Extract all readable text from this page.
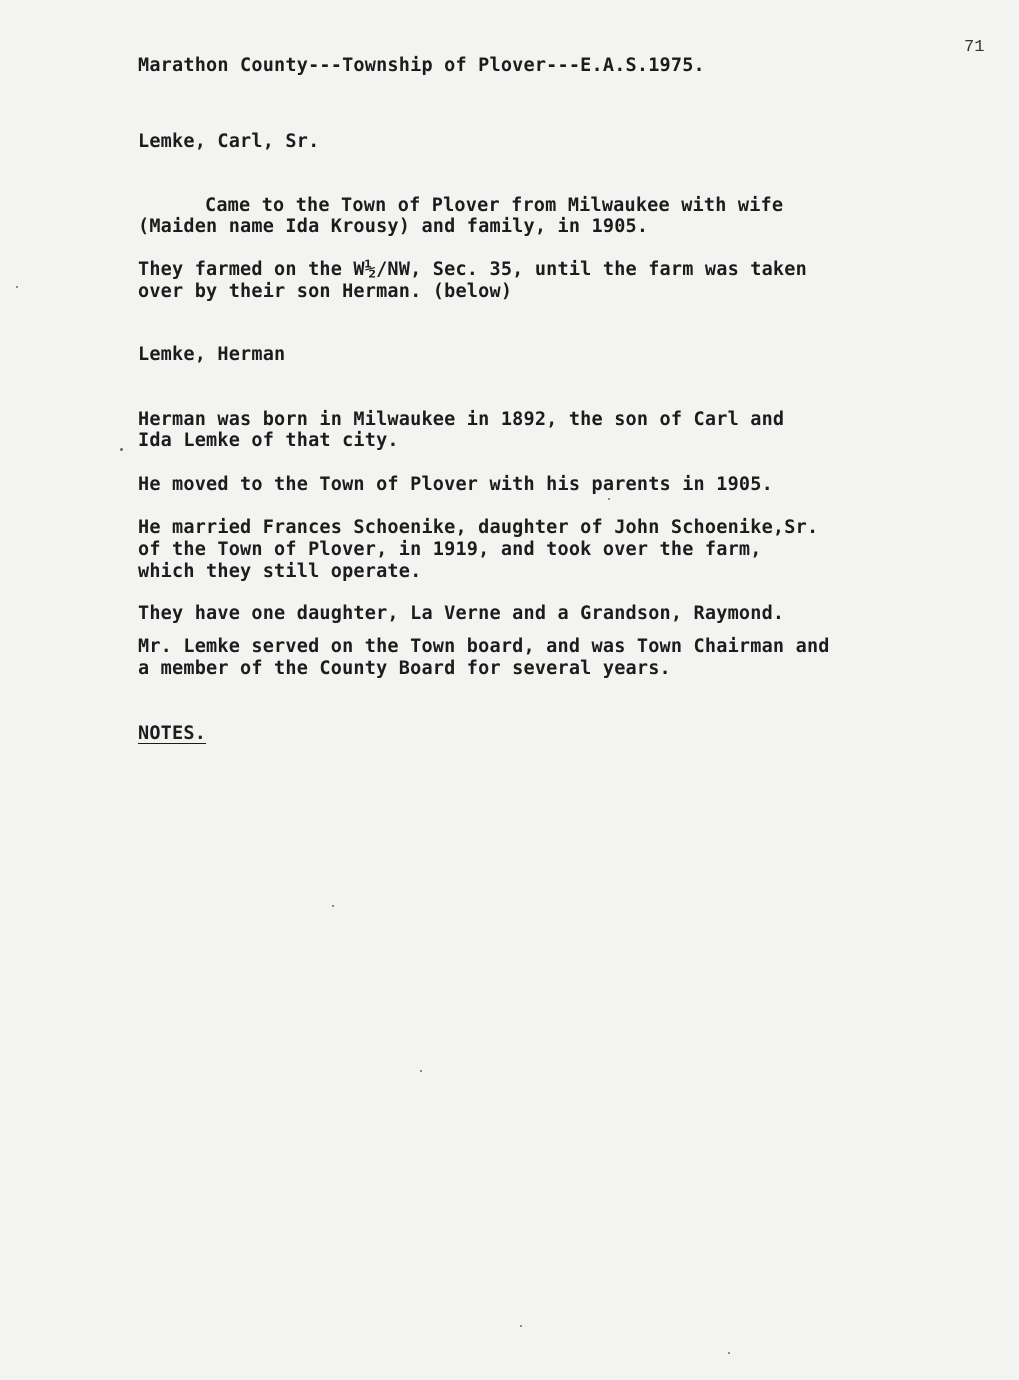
71
Marathon County---Township of Plover---E.A.S.1975.
Lemke, Carl, Sr.
Came to the Town of Plover from Milwaukee with wife
(Maiden name Ida Krousy) and family, in 1905.
They farmed on the W½/NW, Sec. 35, until the farm was taken
over by their son Herman. (below)
Lemke, Herman
Herman was born in Milwaukee in 1892, the son of Carl and
Ida Lemke of that city.
He moved to the Town of Plover with his parents in 1905.
He married Frances Schoenike, daughter of John Schoenike,Sr.
of the Town of Plover, in 1919, and took over the farm,
which they still operate.
They have one daughter, La Verne and a Grandson, Raymond.
Mr. Lemke served on the Town board, and was Town Chairman and
a member of the County Board for several years.
NOTES.
